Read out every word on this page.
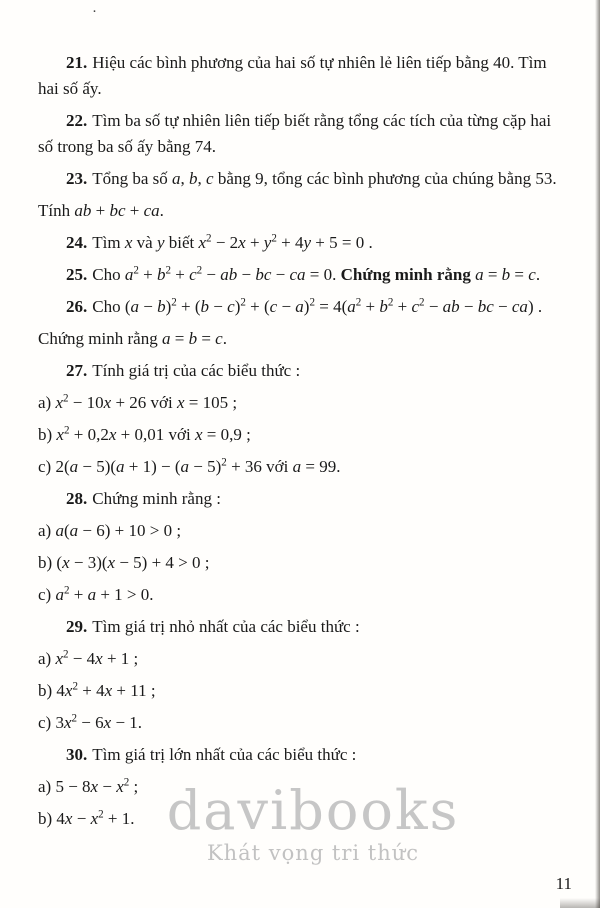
·
davibooks
Khát vọng tri thức

21. Hiệu các bình phương của hai số tự nhiên lẻ liên tiếp bằng 40. Tìm hai số ấy.

22. Tìm ba số tự nhiên liên tiếp biết rằng tổng các tích của từng cặp hai số trong ba số ấy bằng 74.

23. Tổng ba số a, b, c bằng 9, tổng các bình phương của chúng bằng 53.

Tính ab + bc + ca.

24. Tìm x và y biết $x^2 - 2x + y^2 + 4y + 5 = 0$ .

25. Cho $a^2 + b^2 + c^2$ − ab − bc − ca = 0. Chứng minh rằng a = b = c.

26. Cho $(a - b)^2 + (b - c)^2 + (c - a)^2 = 4(a^2 + b^2 + c^2$ − ab − bc − ca) .

Chứng minh rằng a = b = c.

27. Tính giá trị của các biểu thức :

a) $x^2 - 10x + 26$ với x = 105 ;

b) $x^2 + 0,2x + 0,01$ với x = 0,9 ;

c) $2(a - 5)(a + 1) - (a - 5)^2 + 36$ với a = 99.

28. Chứng minh rằng :

a) a(a − 6) + 10 > 0 ;

b) (x − 3)(x − 5) + 4 > 0 ;

c) $a^2 + a + 1 > 0$.

29. Tìm giá trị nhỏ nhất của các biểu thức :

a) $x^2 - 4x + 1$ ;

b) $4x^2 + 4x + 11$ ;

c) $3x^2 - 6x - 1$.

30. Tìm giá trị lớn nhất của các biểu thức :

a) $5 - 8x - x^2$ ;

b) $4x - x^2 + 1$.

11
